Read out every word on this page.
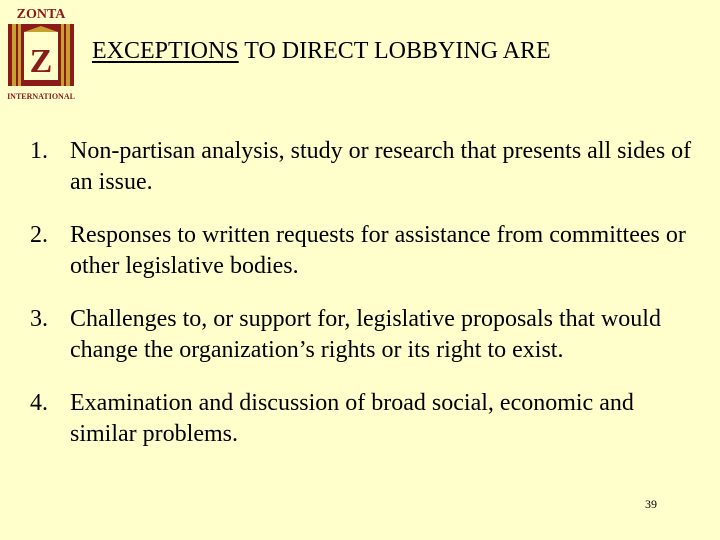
ZONTA
Z
INTERNATIONAL
EXCEPTIONS TO DIRECT LOBBYING ARE
1. Non-partisan analysis, study or research that presents all sides of an issue.
2. Responses to written requests for assistance from committees or other legislative bodies.
3. Challenges to, or support for, legislative proposals that would change the organization’s rights or its right to exist.
4. Examination and discussion of broad social, economic and similar problems.
39
